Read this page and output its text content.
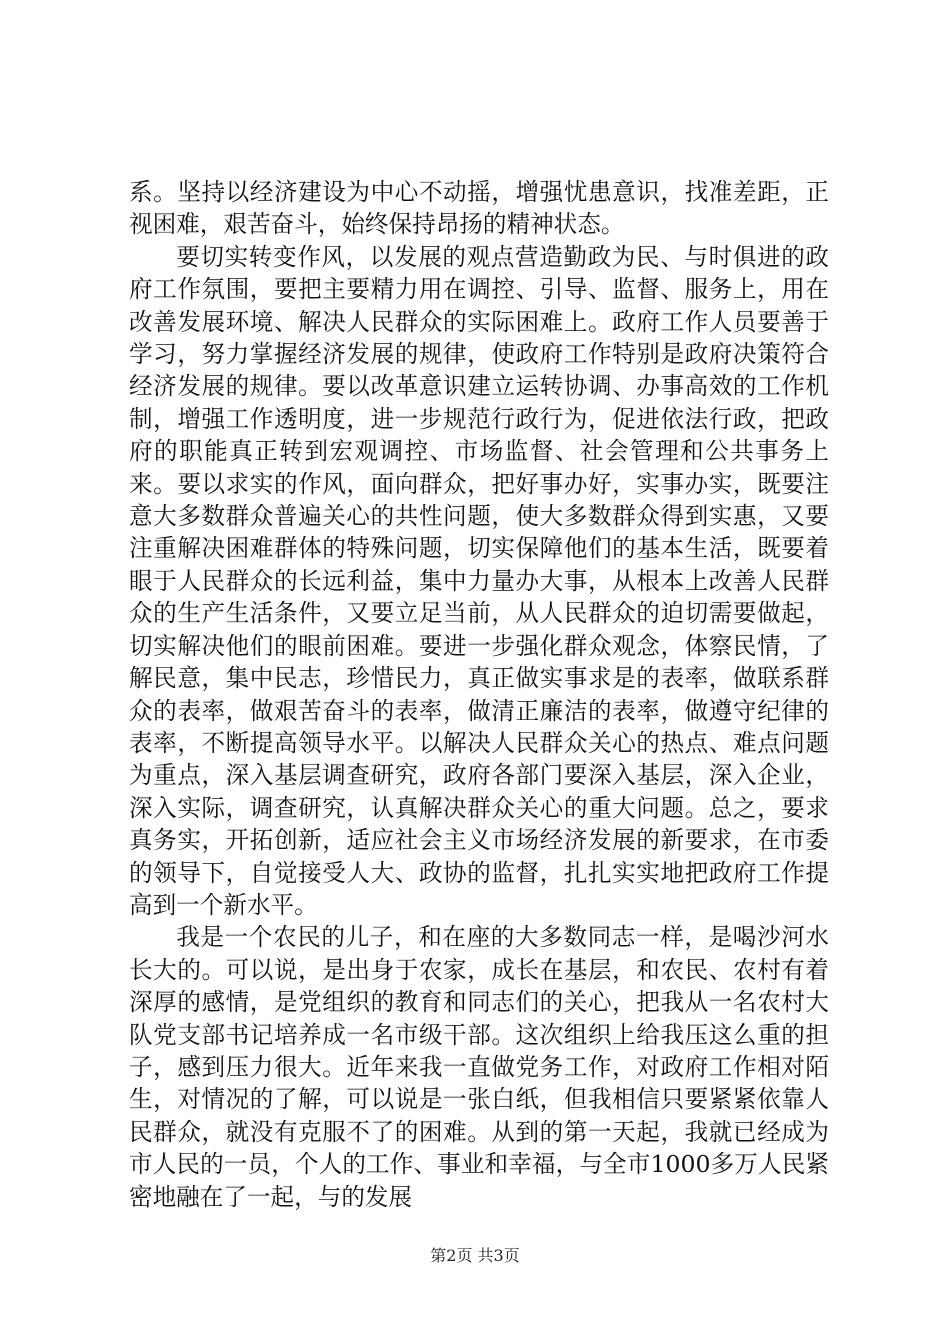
系。坚持以经济建设为中心不动摇，增强忧患意识，找准差距，正视困难，艰苦奋斗，始终保持昂扬的精神状态。

要切实转变作风，以发展的观点营造勤政为民、与时俱进的政府工作氛围，要把主要精力用在调控、引导、监督、服务上，用在改善发展环境、解决人民群众的实际困难上。政府工作人员要善于学习，努力掌握经济发展的规律，使政府工作特别是政府决策符合经济发展的规律。要以改革意识建立运转协调、办事高效的工作机制，增强工作透明度，进一步规范行政行为，促进依法行政，把政府的职能真正转到宏观调控、市场监督、社会管理和公共事务上来。要以求实的作风，面向群众，把好事办好，实事办实，既要注意大多数群众普遍关心的共性问题，使大多数群众得到实惠，又要注重解决困难群体的特殊问题，切实保障他们的基本生活，既要着眼于人民群众的长远利益，集中力量办大事，从根本上改善人民群众的生产生活条件，又要立足当前，从人民群众的迫切需要做起，切实解决他们的眼前困难。要进一步强化群众观念，体察民情，了解民意，集中民志，珍惜民力，真正做实事求是的表率，做联系群众的表率，做艰苦奋斗的表率，做清正廉洁的表率，做遵守纪律的表率，不断提高领导水平。以解决人民群众关心的热点、难点问题为重点，深入基层调查研究，政府各部门要深入基层，深入企业，深入实际，调查研究，认真解决群众关心的重大问题。总之，要求真务实，开拓创新，适应社会主义市场经济发展的新要求，在市委的领导下，自觉接受人大、政协的监督，扎扎实实地把政府工作提高到一个新水平。

我是一个农民的儿子，和在座的大多数同志一样，是喝沙河水长大的。可以说，是出身于农家，成长在基层，和农民、农村有着深厚的感情，是党组织的教育和同志们的关心，把我从一名农村大队党支部书记培养成一名市级干部。这次组织上给我压这么重的担子，感到压力很大。近年来我一直做党务工作，对政府工作相对陌生，对情况的了解，可以说是一张白纸，但我相信只要紧紧依靠人民群众，就没有克服不了的困难。从到的第一天起，我就已经成为市人民的一员，个人的工作、事业和幸福，与全市1000多万人民紧密地融在了一起，与的发展

第2页 共3页
